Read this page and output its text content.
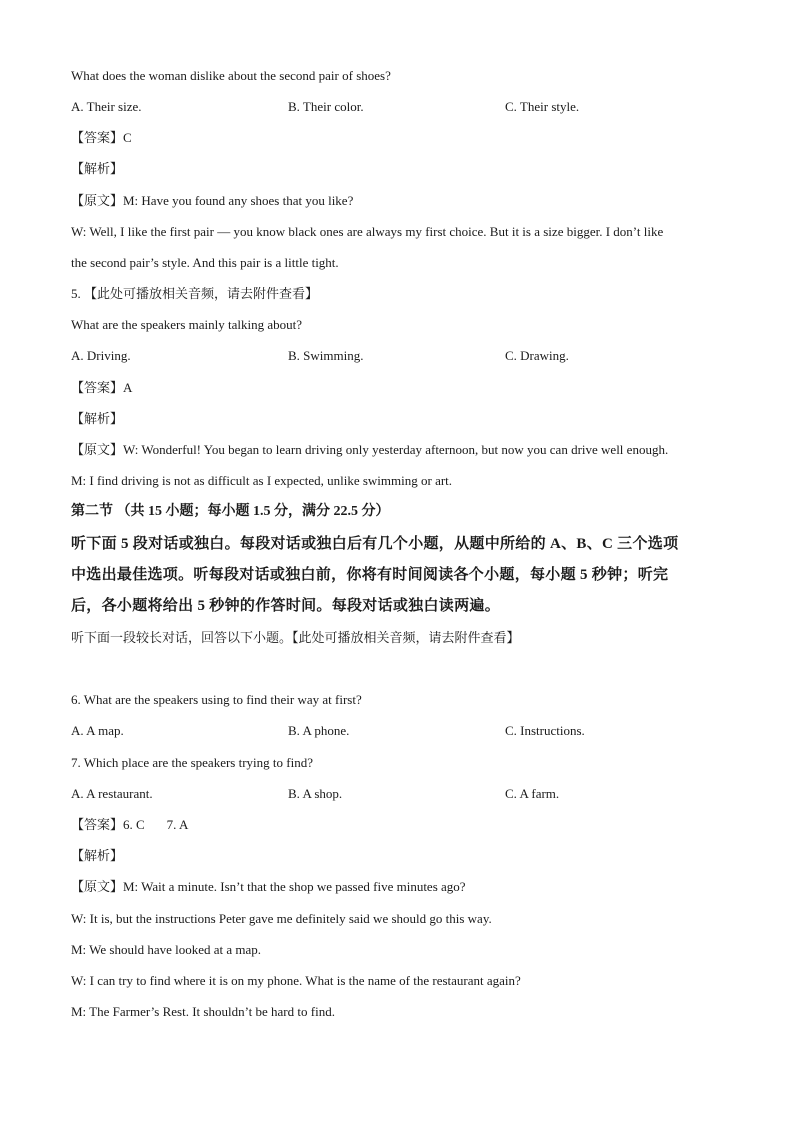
What does the woman dislike about the second pair of shoes?
A. Their size.	B. Their color.	C. Their style.
【答案】C
【解析】
【原文】M: Have you found any shoes that you like?
W: Well, I like the first pair — you know black ones are always my first choice. But it is a size bigger. I don’t like
the second pair’s style. And this pair is a little tight.
5. 【此处可播放相关音频，请去附件查看】
What are the speakers mainly talking about?
A. Driving.	B. Swimming.	C. Drawing.
【答案】A
【解析】
【原文】W: Wonderful! You began to learn driving only yesterday afternoon, but now you can drive well enough.
M: I find driving is not as difficult as I expected, unlike swimming or art.
第二节 （共 15 小题；每小题 1.5 分，满分 22.5 分）
听下面 5 段对话或独白。每段对话或独白后有几个小题，从题中所给的 A、B、C 三个选项
中选出最佳选项。听每段对话或独白前，你将有时间阅读各个小题，每小题 5 秒钟；听完
后，各小题将给出 5 秒钟的作答时间。每段对话或独白读两遍。
听下面一段较长对话，回答以下小题。【此处可播放相关音频，请去附件查看】
6. What are the speakers using to find their way at first?
A. A map.	B. A phone.	C. Instructions.
7. Which place are the speakers trying to find?
A. A restaurant.	B. A shop.	C. A farm.
【答案】6. C 7. A
【解析】
【原文】M: Wait a minute. Isn’t that the shop we passed five minutes ago?
W: It is, but the instructions Peter gave me definitely said we should go this way.
M: We should have looked at a map.
W: I can try to find where it is on my phone. What is the name of the restaurant again?
M: The Farmer’s Rest. It shouldn’t be hard to find.
